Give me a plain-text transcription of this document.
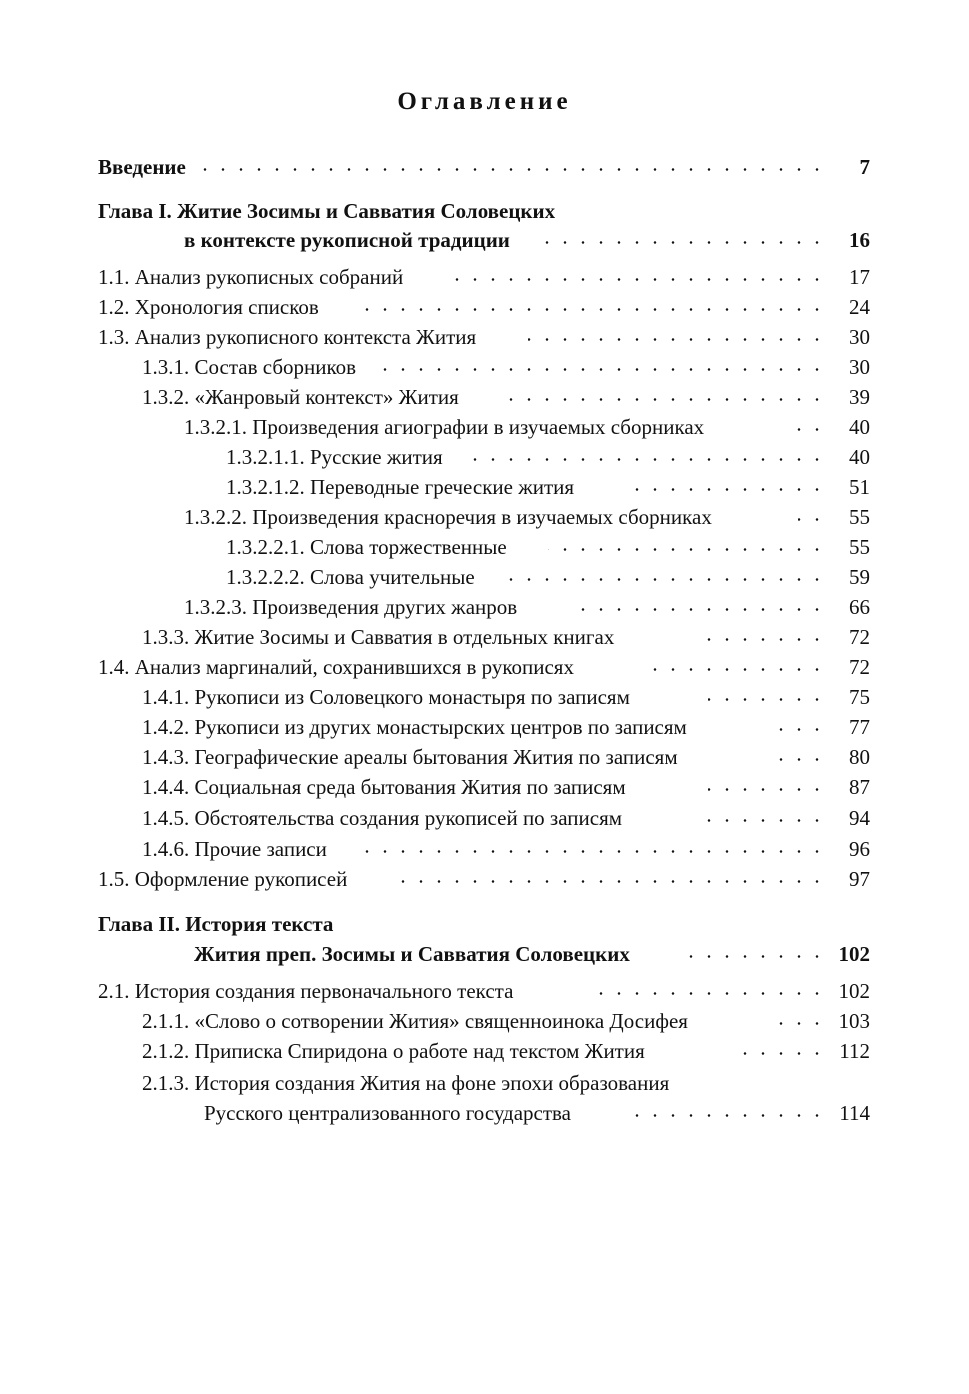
Оглавление
Введение	7
Глава I. Житие Зосимы и Савватия Соловецких
в контексте рукописной традиции	16
1.1. Анализ рукописных собраний	17
1.2. Хронология списков	24
1.3. Анализ рукописного контекста Жития	30
1.3.1. Состав сборников	30
1.3.2. «Жанровый контекст» Жития	39
1.3.2.1. Произведения агиографии в изучаемых сборниках	40
1.3.2.1.1. Русские жития	40
1.3.2.1.2. Переводные греческие жития	51
1.3.2.2. Произведения красноречия в изучаемых сборниках	55
1.3.2.2.1. Слова торжественные	55
1.3.2.2.2. Слова учительные	59
1.3.2.3. Произведения других жанров	66
1.3.3. Житие Зосимы и Савватия в отдельных книгах	72
1.4. Анализ маргиналий, сохранившихся в рукописях	72
1.4.1. Рукописи из Соловецкого монастыря по записям	75
1.4.2. Рукописи из других монастырских центров по записям	77
1.4.3. Географические ареалы бытования Жития по записям	80
1.4.4. Социальная среда бытования Жития по записям	87
1.4.5. Обстоятельства создания рукописей по записям	94
1.4.6. Прочие записи	96
1.5. Оформление рукописей	97
Глава II. История текста
Жития преп. Зосимы и Савватия Соловецких	102
2.1. История создания первоначального текста	102
2.1.1. «Слово о сотворении Жития» священноинока Досифея	103
2.1.2. Приписка Спиридона о работе над текстом Жития	112
2.1.3. История создания Жития на фоне эпохи образования
Русского централизованного государства	114
